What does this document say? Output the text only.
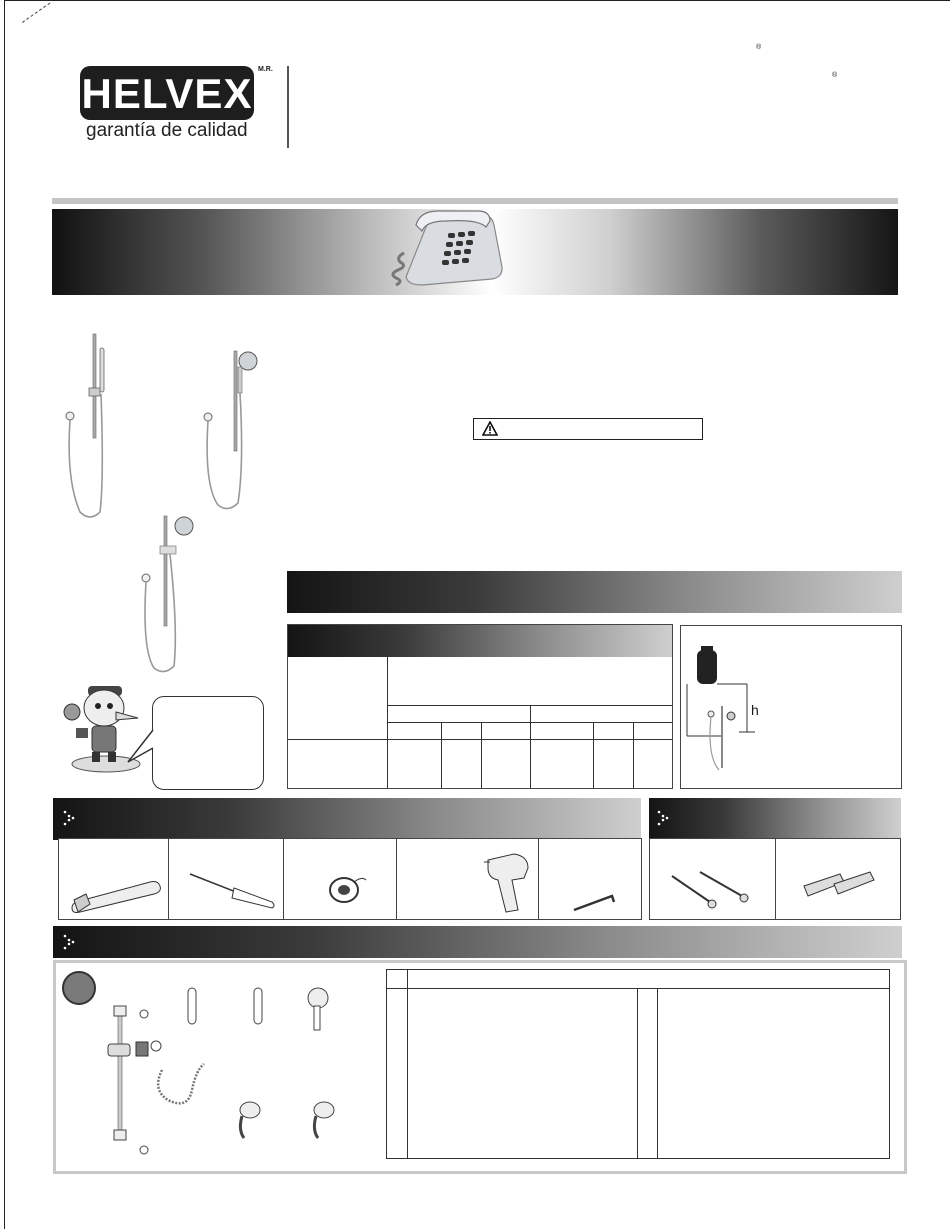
HELVEX
M.R.
garantía de calidad
®
®
h
